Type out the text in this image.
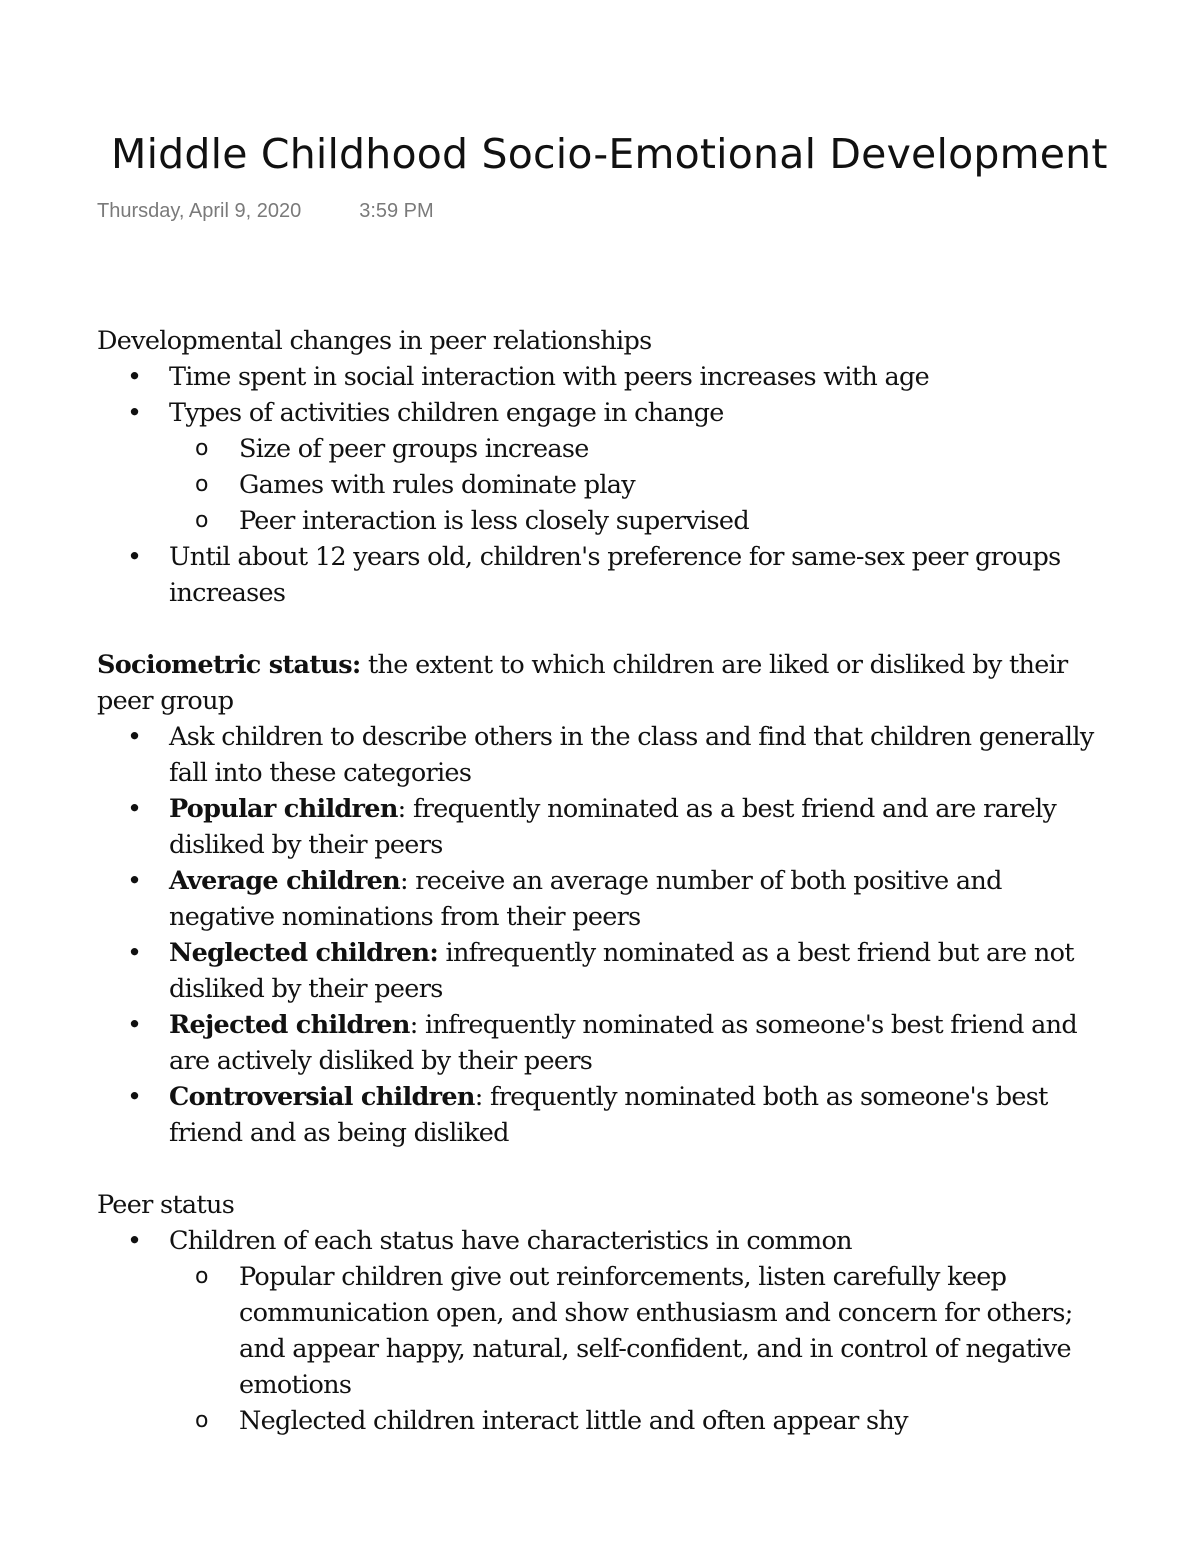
Middle Childhood Socio-Emotional Development
Thursday, April 9, 2020	3:59 PM

Developmental changes in peer relationships

• Time spent in social interaction with peers increases with age
• Types of activities children engage in change
o Size of peer groups increase
o Games with rules dominate play
o Peer interaction is less closely supervised
• Until about 12 years old, children's preference for same-sex peer groups
increases

Sociometric status: the extent to which children are liked or disliked by their

peer group

• Ask children to describe others in the class and find that children generally
fall into these categories
• Popular children: frequently nominated as a best friend and are rarely
disliked by their peers
• Average children: receive an average number of both positive and
negative nominations from their peers
• Neglected children: infrequently nominated as a best friend but are not
disliked by their peers
• Rejected children: infrequently nominated as someone's best friend and
are actively disliked by their peers
• Controversial children: frequently nominated both as someone's best
friend and as being disliked

Peer status

• Children of each status have characteristics in common
o Popular children give out reinforcements, listen carefully keep
communication open, and show enthusiasm and concern for others;
and appear happy, natural, self-confident, and in control of negative
emotions
o Neglected children interact little and often appear shy
